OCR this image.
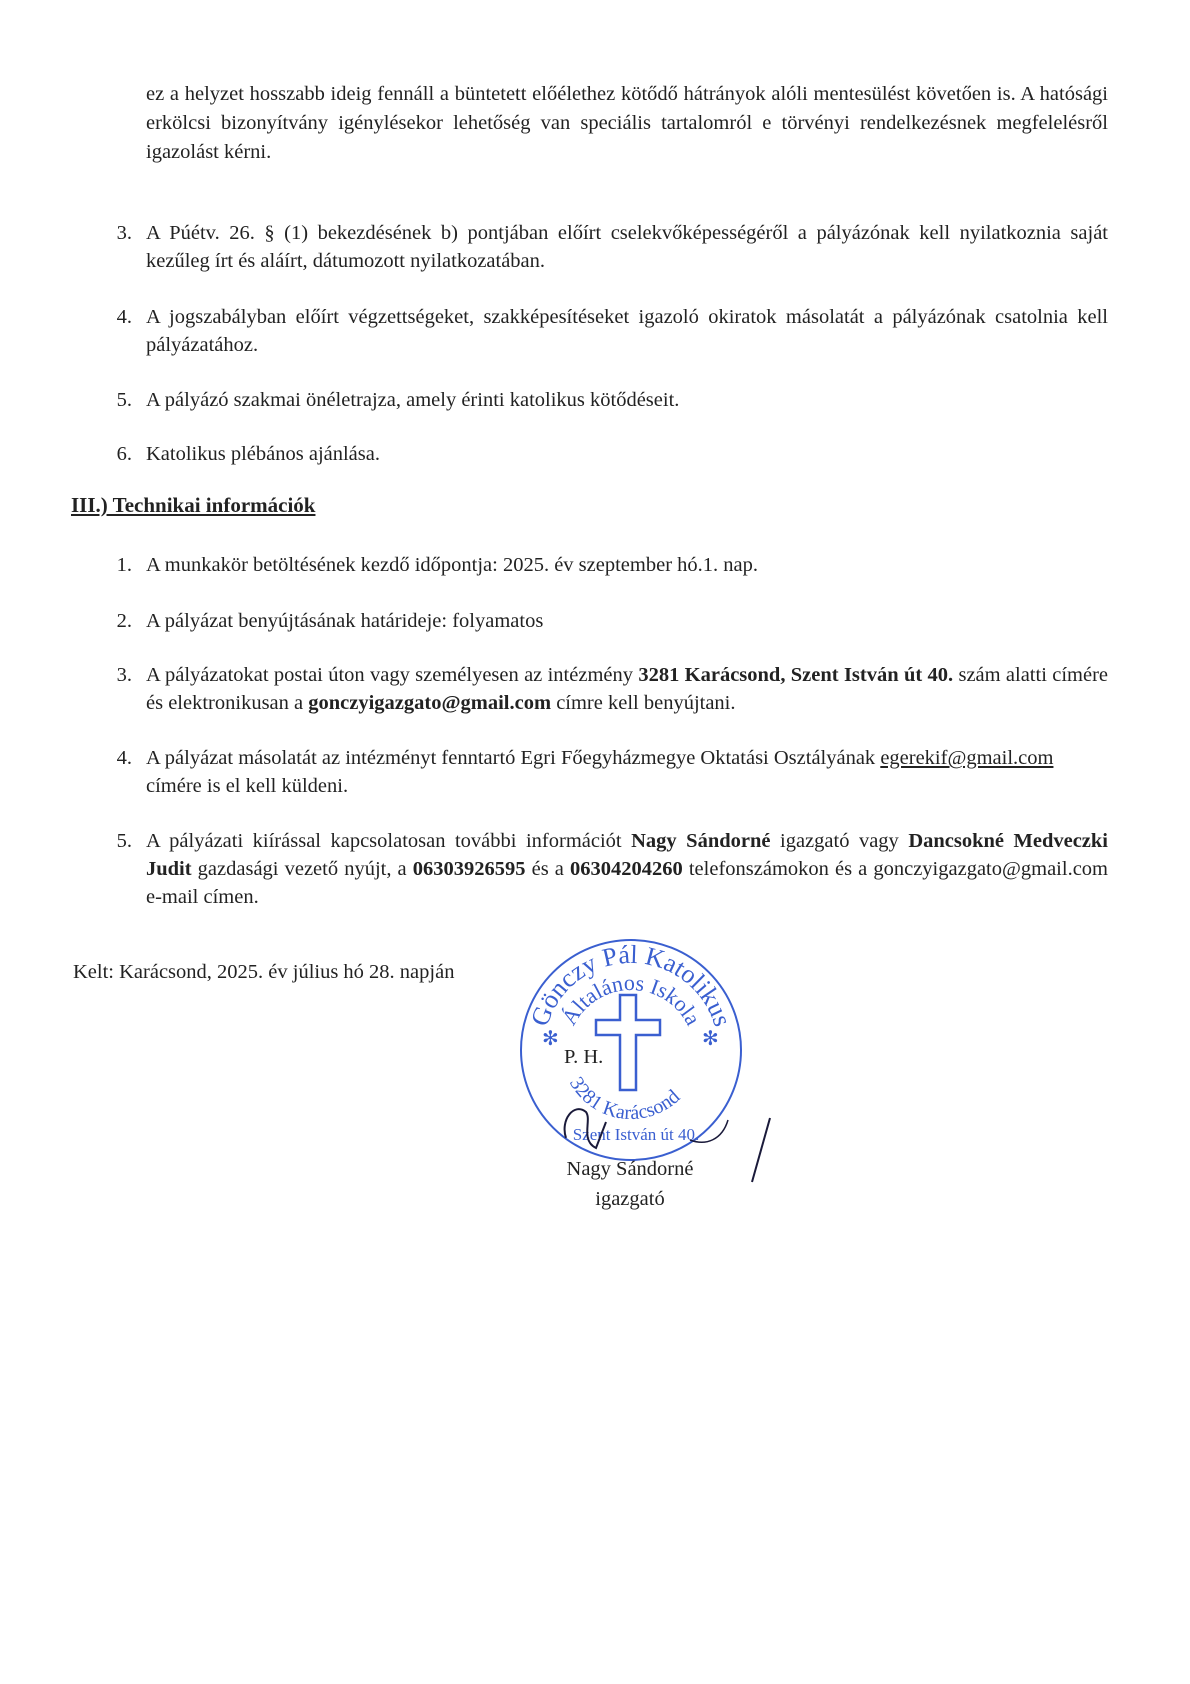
ez a helyzet hosszabb ideig fennáll a büntetett előélethez kötődő hátrányok alóli mentesülést követően is. A hatósági erkölcsi bizonyítvány igénylésekor lehetőség van speciális tartalomról e törvényi rendelkezésnek megfelelésről igazolást kérni.

3. A Púétv. 26. § (1) bekezdésének b) pontjában előírt cselekvőképességéről a pályázónak kell nyilatkoznia saját kezűleg írt és aláírt, dátumozott nyilatkozatában.
4. A jogszabályban előírt végzettségeket, szakképesítéseket igazoló okiratok másolatát a pályázónak csatolnia kell pályázatához.
5. A pályázó szakmai önéletrajza, amely érinti katolikus kötődéseit.
6. Katolikus plébános ajánlása.

III.) Technikai információk

1. A munkakör betöltésének kezdő időpontja: 2025. év szeptember hó.1. nap.
2. A pályázat benyújtásának határideje: folyamatos
3. A pályázatokat postai úton vagy személyesen az intézmény 3281 Karácsond, Szent István út 40. szám alatti címére és elektronikusan a gonczyigazgato@gmail.com címre kell benyújtani.
4. A pályázat másolatát az intézményt fenntartó Egri Főegyházmegye Oktatási Osztályának egerekif@gmail.com címére is el kell küldeni.
5. A pályázati kiírással kapcsolatosan további információt Nagy Sándorné igazgató vagy Dancsokné Medveczki Judit gazdasági vezető nyújt, a 06303926595 és a 06304204260 telefonszámokon és a gonczyigazgato@gmail.com e-mail címen.

Kelt: Karácsond, 2025. év július hó 28. napján

Gönczy Pál Katolikus
Általános Iskola
✻	✻
3281 Karácsond
Szent István út 40.

P. H.

Nagy Sándorné

igazgató
